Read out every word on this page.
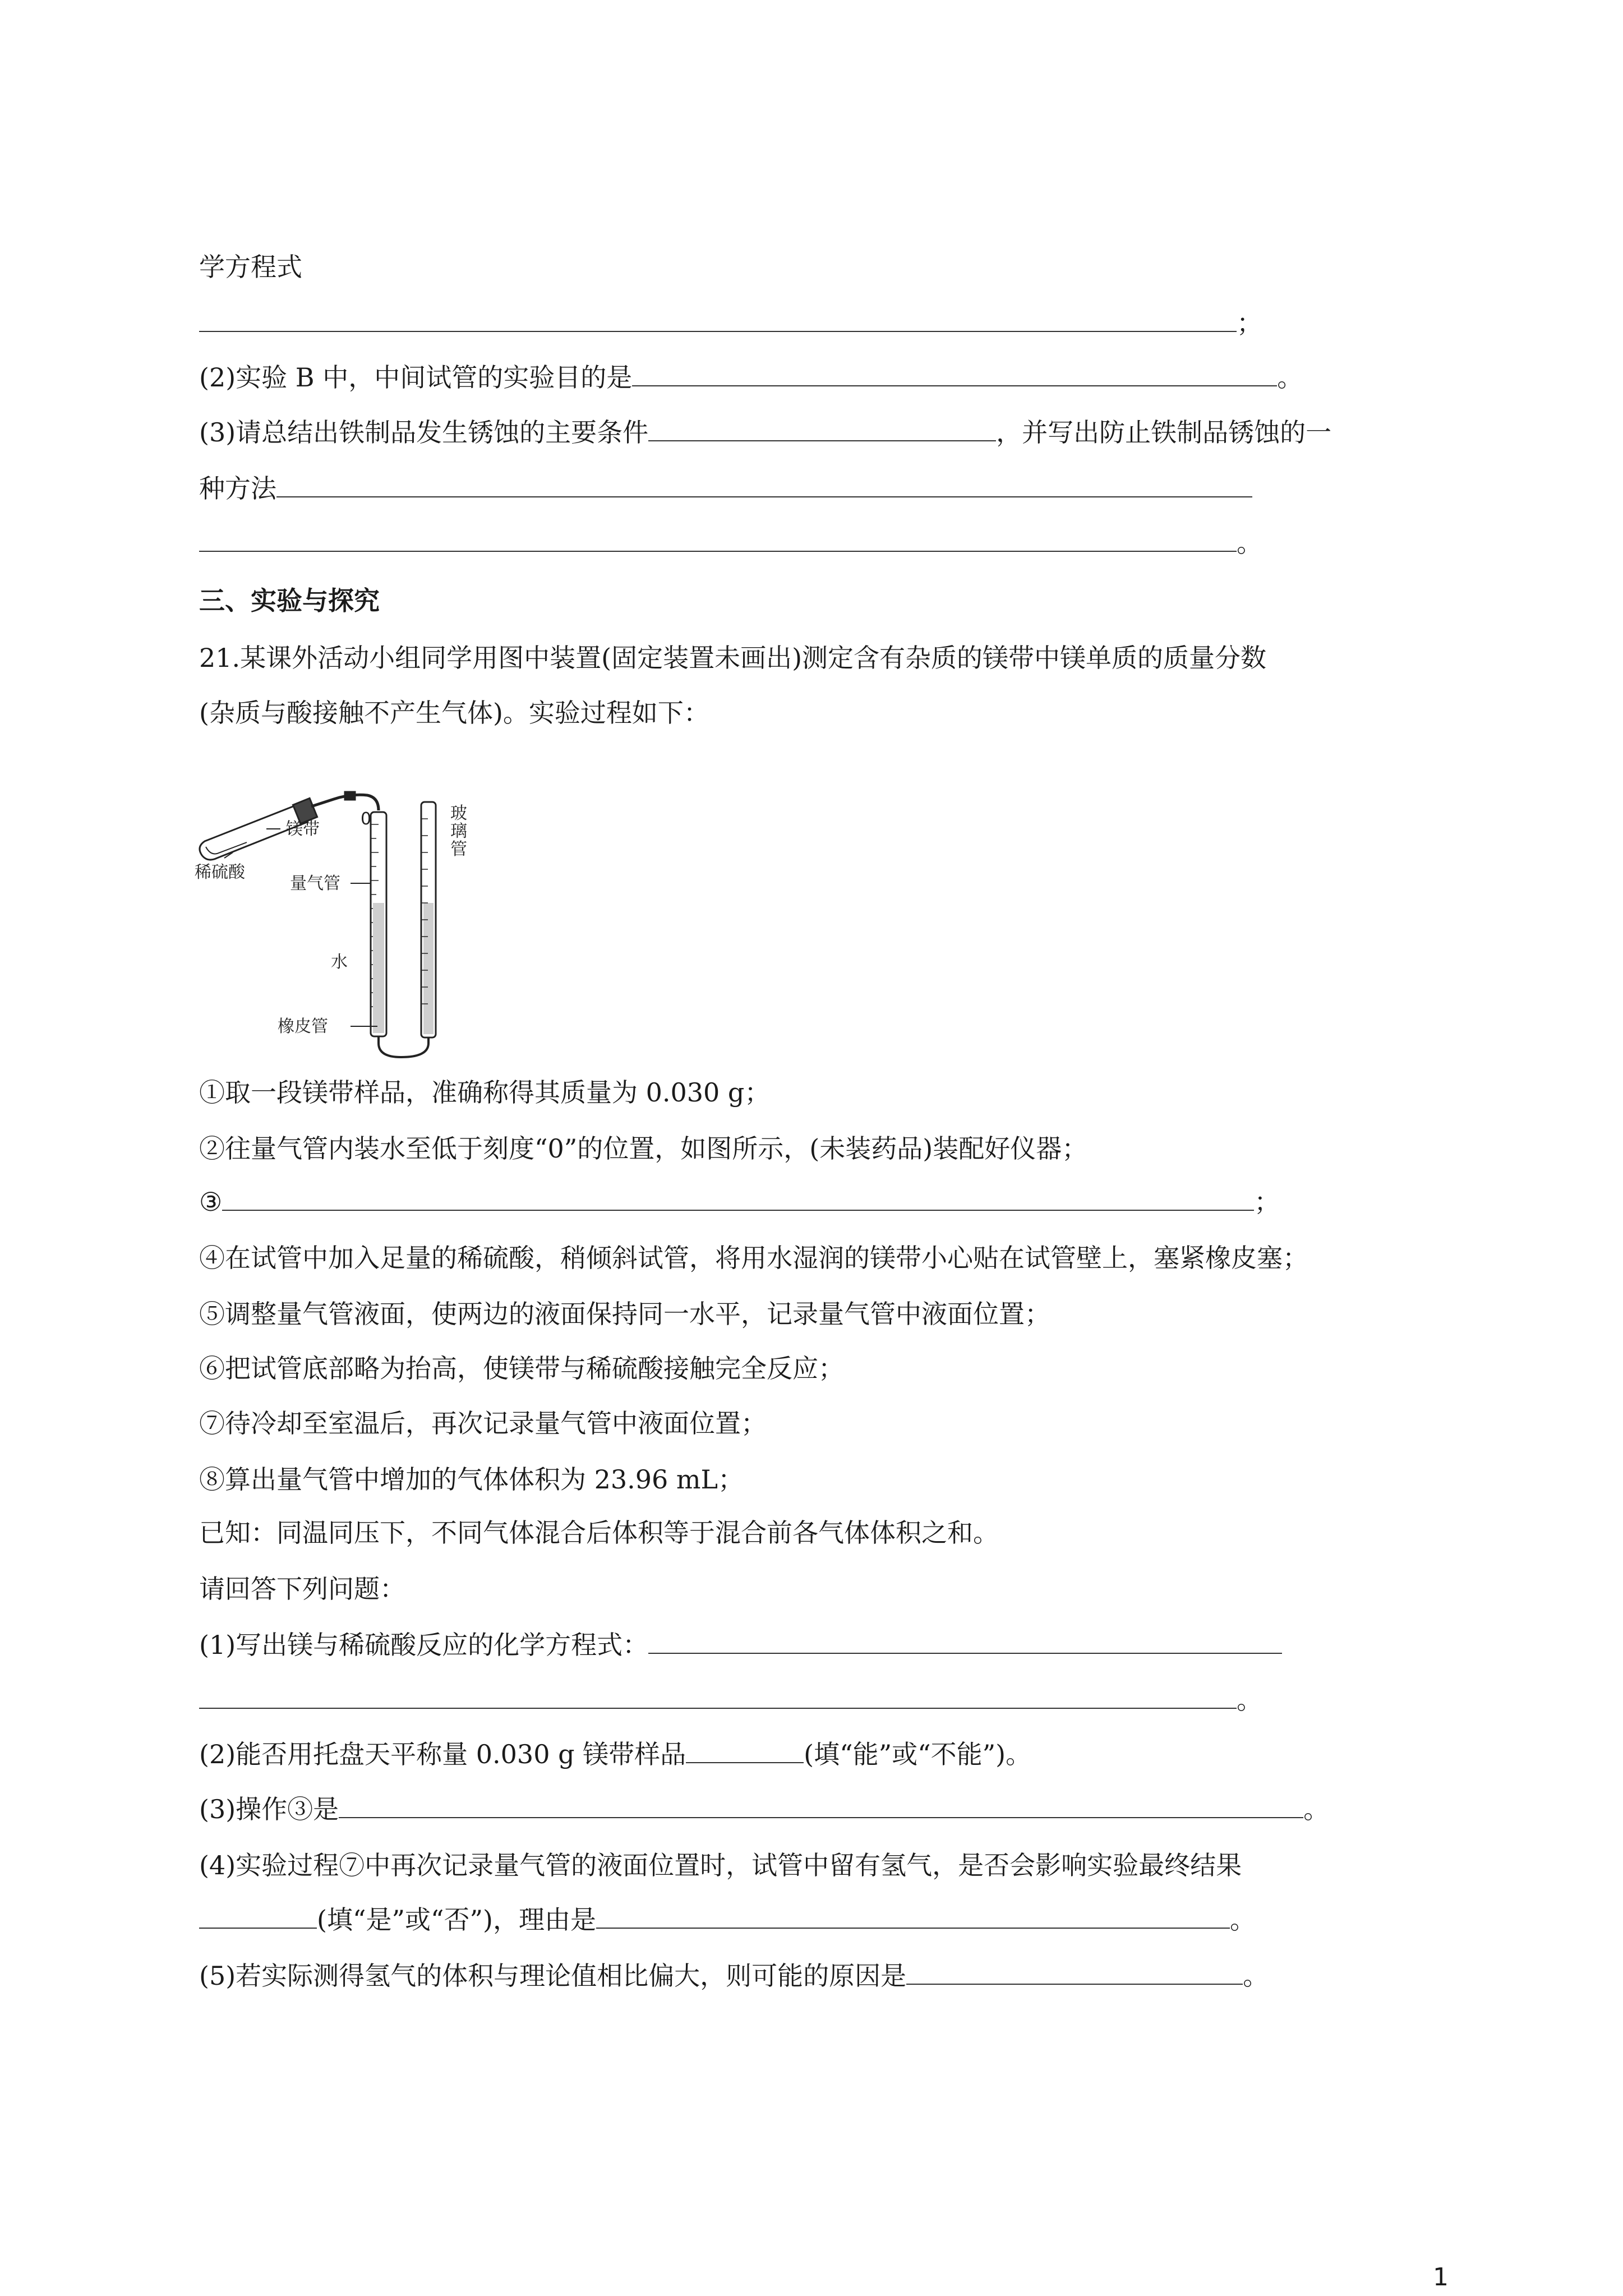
学方程式
；
(2)实验 B 中，中间试管的实验目的是	。
(3)请总结出铁制品发生锈蚀的主要条件	，并写出防止铁制品锈蚀的一
种方法
。
三、实验与探究
21.某课外活动小组同学用图中装置(固定装置未画出)测定含有杂质的镁带中镁单质的质量分数
(杂质与酸接触不产生气体)。实验过程如下：
镁带
稀硫酸
0
量气管
水
橡皮管
玻
璃
管
①取一段镁带样品，准确称得其质量为 0.030 g；
②往量气管内装水至低于刻度“0”的位置，如图所示，(未装药品)装配好仪器；
③	；
④在试管中加入足量的稀硫酸，稍倾斜试管，将用水湿润的镁带小心贴在试管壁上，塞紧橡皮塞；
⑤调整量气管液面，使两边的液面保持同一水平，记录量气管中液面位置；
⑥把试管底部略为抬高，使镁带与稀硫酸接触完全反应；
⑦待冷却至室温后，再次记录量气管中液面位置；
⑧算出量气管中增加的气体体积为 23.96 mL；
已知：同温同压下，不同气体混合后体积等于混合前各气体体积之和。
请回答下列问题：
(1)写出镁与稀硫酸反应的化学方程式：
。
(2)能否用托盘天平称量 0.030 g 镁带样品	(填“能”或“不能”)。
(3)操作③是	。
(4)实验过程⑦中再次记录量气管的液面位置时，试管中留有氢气，是否会影响实验最终结果
(填“是”或“否”)，理由是	。
(5)若实际测得氢气的体积与理论值相比偏大，则可能的原因是	。
1
